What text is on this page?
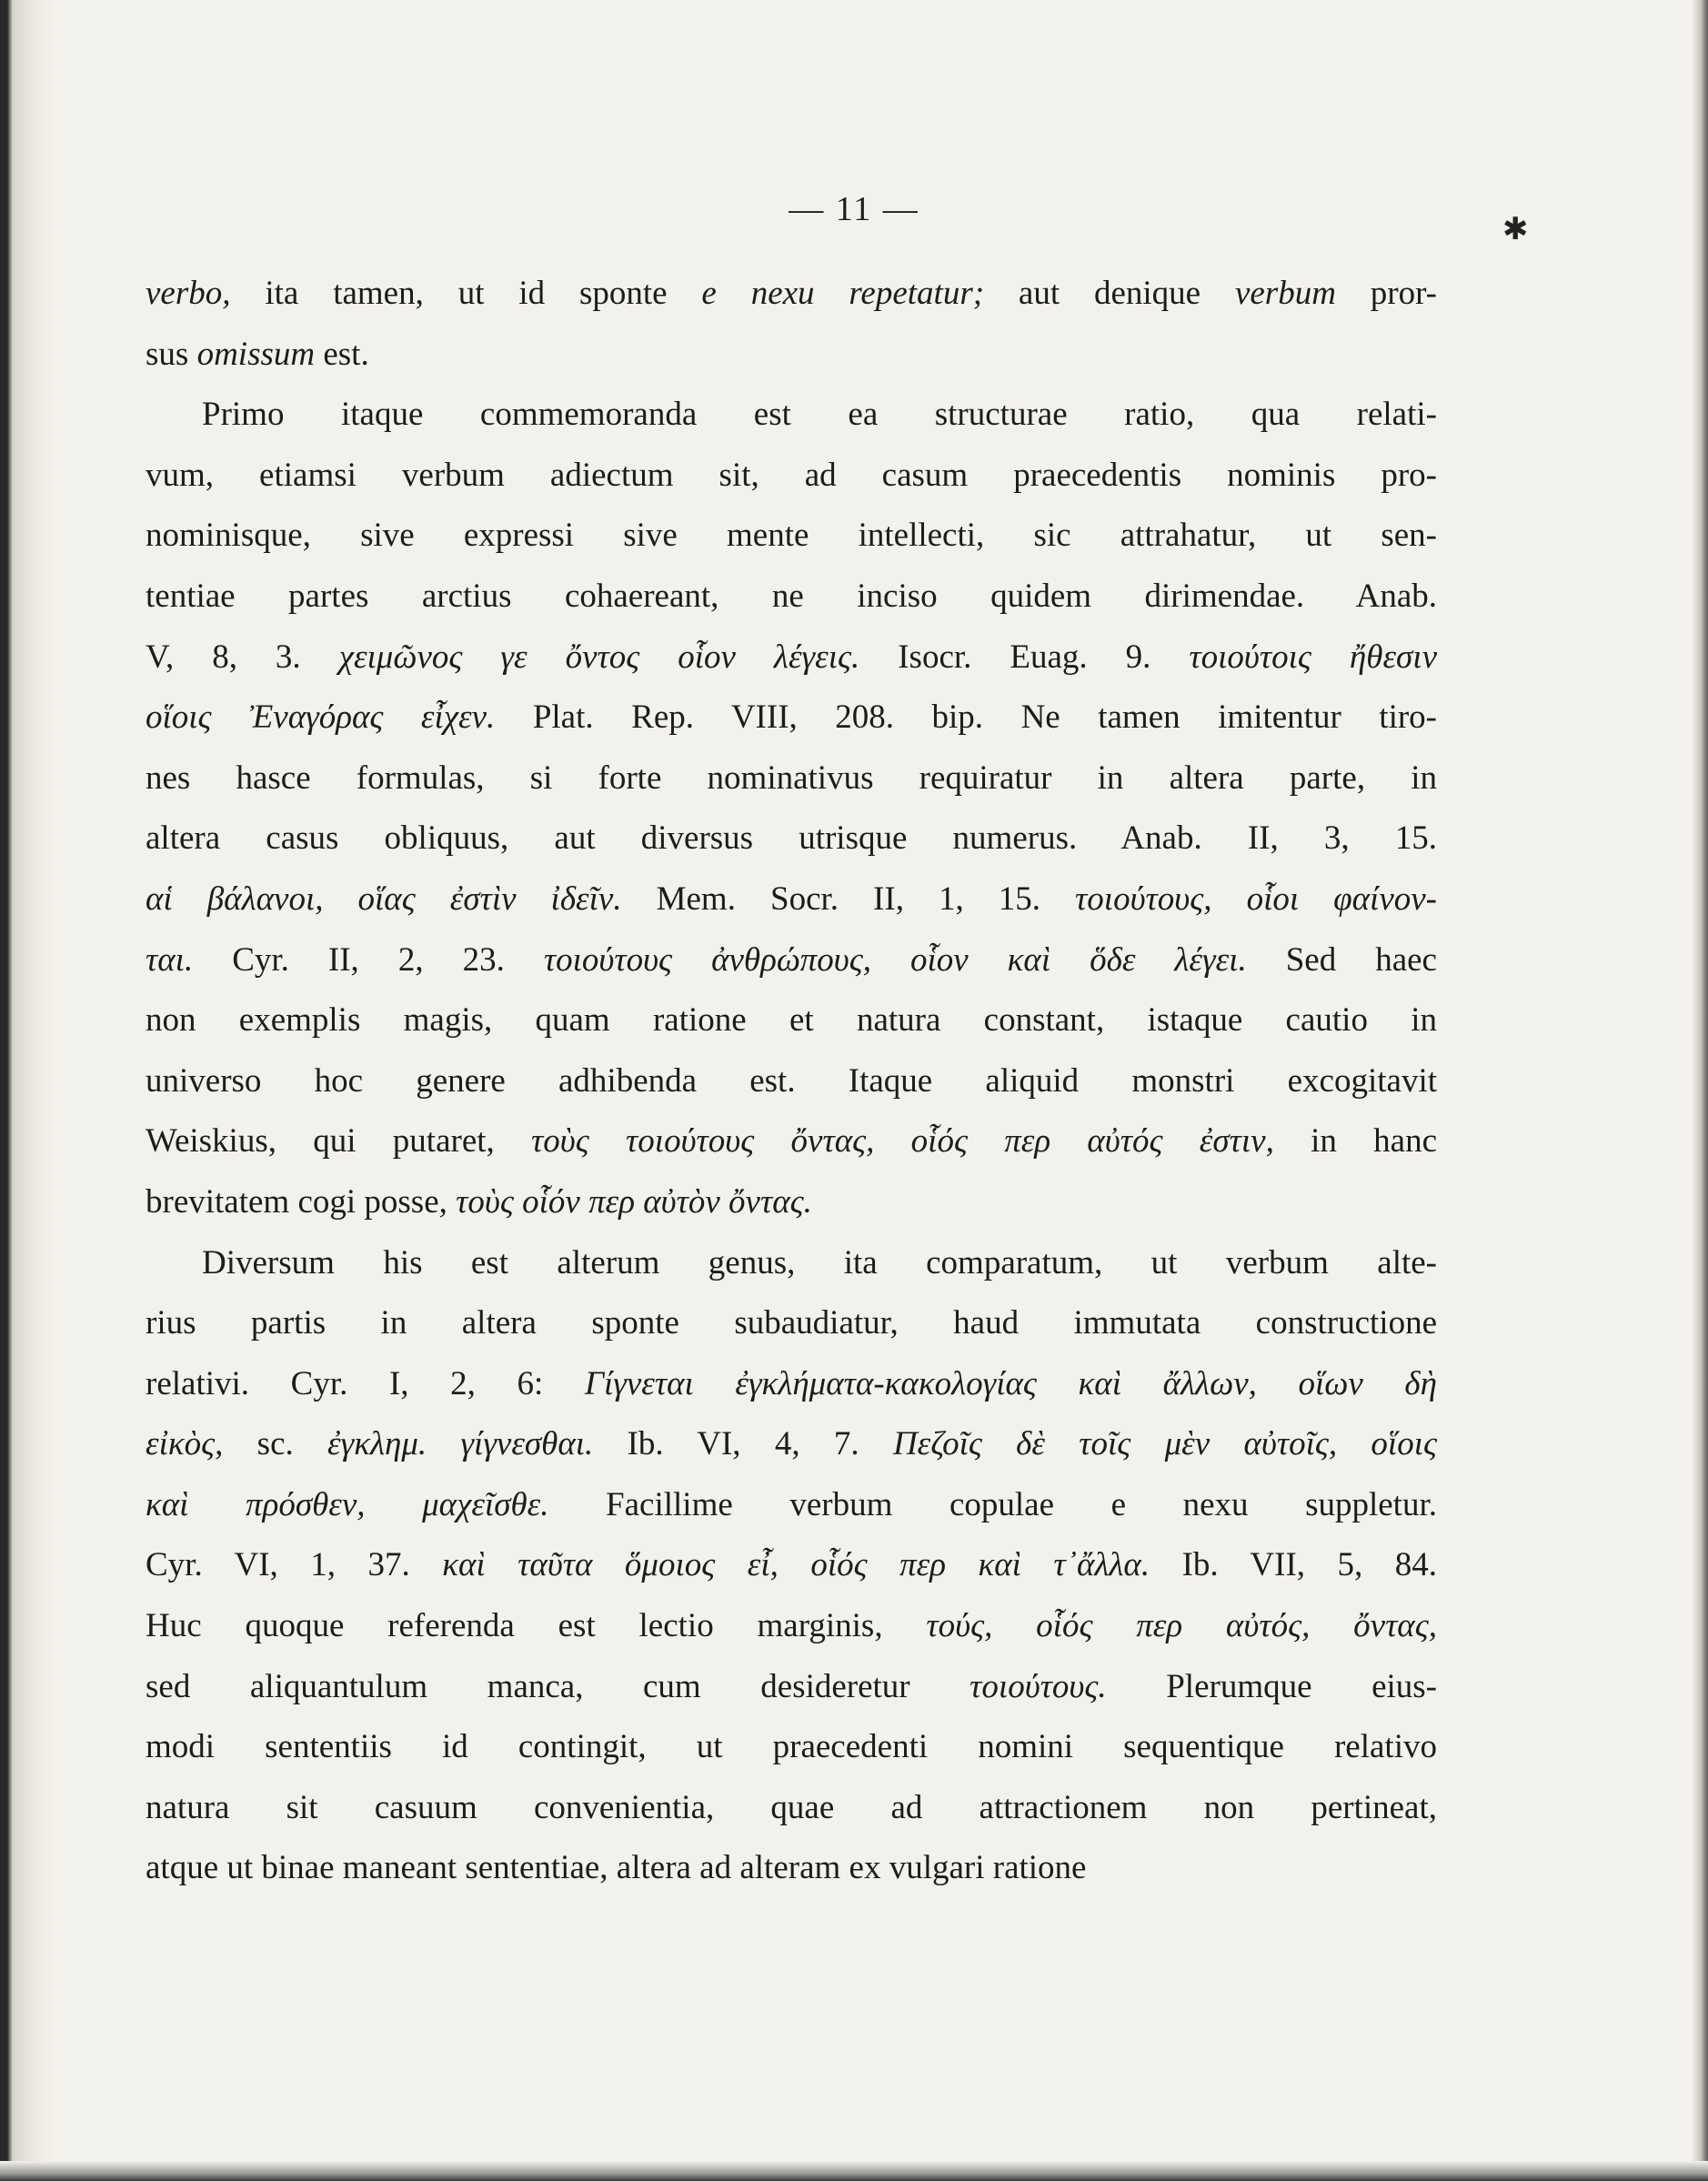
✱
— 11 —

verbo, ita tamen, ut id sponte e nexu repetatur; aut denique verbum pror-
sus omissum est.

Primo itaque commemoranda est ea structurae ratio, qua relati-
vum, etiamsi verbum adiectum sit, ad casum praecedentis nominis pro-
nominisque, sive expressi sive mente intellecti, sic attrahatur, ut sen-
tentiae partes arctius cohaereant, ne inciso quidem dirimendae. Anab.
V, 8, 3. χειμῶνος γε ὄντος οἷον λέγεις. Isocr. Euag. 9. τοιούτοις ἤθεσιν
οἵοις Ἐναγόρας εἶχεν. Plat. Rep. VIII, 208. bip. Ne tamen imitentur tiro-
nes hasce formulas, si forte nominativus requiratur in altera parte, in
altera casus obliquus, aut diversus utrisque numerus. Anab. II, 3, 15.
αἱ βάλανοι, οἵας ἐστὶν ἰδεῖν. Mem. Socr. II, 1, 15. τοιούτους, οἷοι φαίνον-
ται. Cyr. II, 2, 23. τοιούτους ἀνθρώπους, οἷον καὶ ὅδε λέγει. Sed haec
non exemplis magis, quam ratione et natura constant, istaque cautio in
universo hoc genere adhibenda est. Itaque aliquid monstri excogitavit
Weiskius, qui putaret, τοὺς τοιούτους ὄντας, οἷός περ αὐτός ἐστιν, in hanc
brevitatem cogi posse, τοὺς οἷόν περ αὐτὸν ὄντας.

Diversum his est alterum genus, ita comparatum, ut verbum alte-
rius partis in altera sponte subaudiatur, haud immutata constructione
relativi. Cyr. I, 2, 6: Γίγνεται ἐγκλήματα-κακολογίας καὶ ἄλλων, οἵων δὴ
εἰκὸς, sc. ἐγκλημ. γίγνεσθαι. Ib. VI, 4, 7. Πεζοῖς δὲ τοῖς μὲν αὐτοῖς, οἵοις
καὶ πρόσθεν, μαχεῖσθε. Facillime verbum copulae e nexu suppletur.
Cyr. VI, 1, 37. καὶ ταῦτα ὅμοιος εἶ, οἷός περ καὶ τ᾽ἄλλα. Ib. VII, 5, 84.
Huc quoque referenda est lectio marginis, τούς, οἷός περ αὐτός, ὄντας,
sed aliquantulum manca, cum desideretur τοιούτους. Plerumque eius-
modi sententiis id contingit, ut praecedenti nomini sequentique relativo
natura sit casuum convenientia, quae ad attractionem non pertineat,
atque ut binae maneant sententiae, altera ad alteram ex vulgari ratione
